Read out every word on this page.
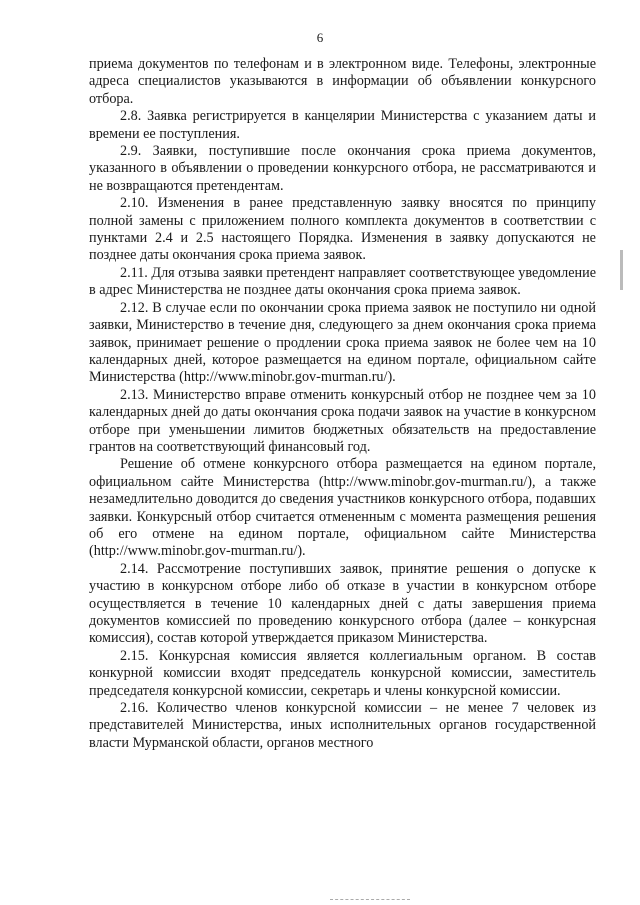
6

приема документов по телефонам и в электронном виде. Телефоны, электронные адреса специалистов указываются в информации об объявлении конкурсного отбора.

2.8. Заявка регистрируется в канцелярии Министерства с указанием даты и времени ее поступления.

2.9. Заявки, поступившие после окончания срока приема документов, указанного в объявлении о проведении конкурсного отбора, не рассматриваются и не возвращаются претендентам.

2.10. Изменения в ранее представленную заявку вносятся по принципу полной замены с приложением полного комплекта документов в соответствии с пунктами 2.4 и 2.5 настоящего Порядка. Изменения в заявку допускаются не позднее даты окончания срока приема заявок.

2.11. Для отзыва заявки претендент направляет соответствующее уведомление в адрес Министерства не позднее даты окончания срока приема заявок.

2.12. В случае если по окончании срока приема заявок не поступило ни одной заявки, Министерство в течение дня, следующего за днем окончания срока приема заявок, принимает решение о продлении срока приема заявок не более чем на 10 календарных дней, которое размещается на едином портале, официальном сайте Министерства (http://www.minobr.gov-murman.ru/).

2.13. Министерство вправе отменить конкурсный отбор не позднее чем за 10 календарных дней до даты окончания срока подачи заявок на участие в конкурсном отборе при уменьшении лимитов бюджетных обязательств на предоставление грантов на соответствующий финансовый год.

Решение об отмене конкурсного отбора размещается на едином портале, официальном сайте Министерства (http://www.minobr.gov-murman.ru/), а также незамедлительно доводится до сведения участников конкурсного отбора, подавших заявки. Конкурсный отбор считается отмененным с момента размещения решения об его отмене на едином портале, официальном сайте Министерства (http://www.minobr.gov-murman.ru/).

2.14. Рассмотрение поступивших заявок, принятие решения о допуске к участию в конкурсном отборе либо об отказе в участии в конкурсном отборе осуществляется в течение 10 календарных дней с даты завершения приема документов комиссией по проведению конкурсного отбора (далее – конкурсная комиссия), состав которой утверждается приказом Министерства.

2.15. Конкурсная комиссия является коллегиальным органом. В состав конкурной комиссии входят председатель конкурсной комиссии, заместитель председателя конкурсной комиссии, секретарь и члены конкурсной комиссии.

2.16. Количество членов конкурсной комиссии – не менее 7 человек из представителей Министерства, иных исполнительных органов государственной власти Мурманской области, органов местного
